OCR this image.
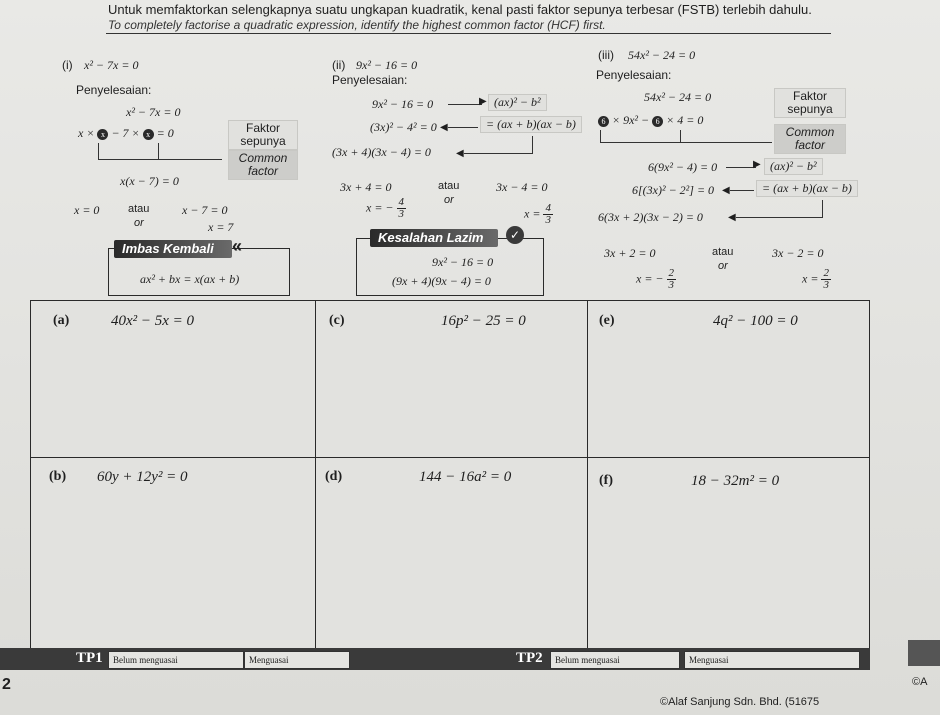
Untuk memfaktorkan selengkapnya suatu ungkapan kuadratik, kenal pasti faktor sepunya terbesar (FSTB) terlebih dahulu.
To completely factorise a quadratic expression, identify the highest common factor (HCF) first.
(i) x² − 7x = 0
Penyelesaian:
x² − 7x = 0
x × x − 7 × x = 0	Faktor sepunya
Common factor
x(x − 7) = 0
x = 0	atau
or
x − 7 = 0
x = 7
Imbas Kembali	«
ax² + bx = x(ax + b)
(ii) 9x² − 16 = 0
Penyelesaian:
9x² − 16 = 0	▶ (ax)² − b²
(3x)² − 4² = 0 ◀	= (ax + b)(ax − b)
(3x + 4)(3x − 4) = 0	◀
3x + 4 = 0	atau
or
3x − 4 = 0
x = − $\frac{4}{3}$	$x = \frac{4}{3}$
Kesalahan Lazim	✓
9x² − 16 = 0
(9x + 4)(9x − 4) = 0
(iii) 54x² − 24 = 0
Penyelesaian:
54x² − 24 = 0
6 × 9x² − 6 × 4 = 0
Faktor sepunya
Common factor
6(9x² − 4) = 0	▶ (ax)² − b²
6[(3x)² − 2²] = 0 ◀	= (ax + b)(ax − b)
6(3x + 2)(3x − 2) = 0	◀
3x + 2 = 0	atau
or
3x − 2 = 0
x = − $\frac{2}{3}$	$x = \frac{2}{3}$
(a)	40x² − 5x = 0	(c)	16p² − 25 = 0	(e)	4q² − 100 = 0
(b) 60y + 12y² = 0	(d)	144 − 16a² = 0	(f)	18 − 32m² = 0
TP1	Belum menguasai	Menguasai	TP2	Belum menguasai	Menguasai
2
©Alaf Sanjung Sdn. Bhd. (51675
©A
